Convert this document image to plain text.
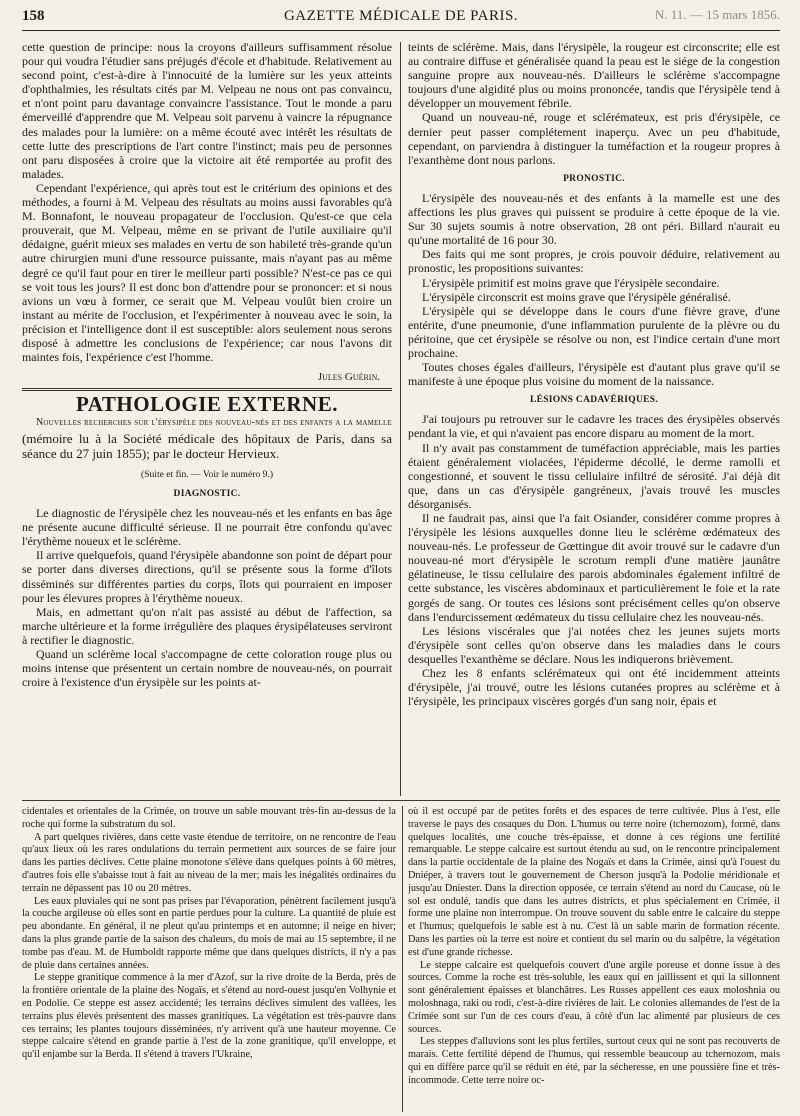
158	GAZETTE MÉDICALE DE PARIS.	N. 11. — 15 mars 1856.

cette question de principe: nous la croyons d'ailleurs suffisamment résolue pour qui voudra l'étudier sans préjugés d'école et d'habitude. Relativement au second point, c'est-à-dire à l'innocuité de la lumière sur les yeux atteints d'ophthalmies, les résultats cités par M. Velpeau ne nous ont pas convaincu, et n'ont point paru davantage convaincre l'assistance. Tout le monde a paru émerveillé d'apprendre que M. Velpeau soit parvenu à vaincre la répugnance des malades pour la lumière: on a même écouté avec intérêt les résultats de cette lutte des prescriptions de l'art contre l'instinct; mais peu de personnes ont paru disposées à croire que la victoire ait été remportée au profit des malades.

Cependant l'expérience, qui après tout est le critérium des opinions et des méthodes, a fourni à M. Velpeau des résultats au moins aussi favorables qu'à M. Bonnafont, le nouveau propagateur de l'occlusion. Qu'est-ce que cela prouverait, que M. Velpeau, même en se privant de l'utile auxiliaire qu'il dédaigne, guérit mieux ses malades en vertu de son habileté très-grande qu'un autre chirurgien muni d'une ressource puissante, mais n'ayant pas au même degré ce qu'il faut pour en tirer le meilleur parti possible? N'est-ce pas ce qui se voit tous les jours? Il est donc bon d'attendre pour se prononcer: et si nous avions un vœu à former, ce serait que M. Velpeau voulût bien croire un instant au mérite de l'occlusion, et l'expérimenter à nouveau avec le soin, la précision et l'intelligence dont il est susceptible: alors seulement nous serons disposé à admettre les conclusions de l'expérience; car nous l'avons dit maintes fois, l'expérience c'est l'homme.

Jules Guérin.
PATHOLOGIE EXTERNE.

Nouvelles recherches sur l'érysipèle des nouveau-nés et des enfants a la mamelle (mémoire lu à la Société médicale des hôpitaux de Paris, dans sa séance du 27 juin 1855); par le docteur Hervieux.

(Suite et fin. — Voir le numéro 9.)
DIAGNOSTIC.

Le diagnostic de l'érysipèle chez les nouveau-nés et les enfants en bas âge ne présente aucune difficulté sérieuse. Il ne pourrait être confondu qu'avec l'érythème noueux et le sclérème.

Il arrive quelquefois, quand l'érysipèle abandonne son point de départ pour se porter dans diverses directions, qu'il se présente sous la forme d'îlots disséminés sur différentes parties du corps, îlots qui pourraient en imposer pour les élevures propres à l'érythème noueux.

Mais, en admettant qu'on n'ait pas assisté au début de l'affection, sa marche ultérieure et la forme irrégulière des plaques érysipélateuses serviront à rectifier le diagnostic.

Quand un sclérème local s'accompagne de cette coloration rouge plus ou moins intense que présentent un certain nombre de nouveau-nés, on pourrait croire à l'existence d'un érysipèle sur les points at-

teints de sclérème. Mais, dans l'érysipèle, la rougeur est circonscrite; elle est au contraire diffuse et généralisée quand la peau est le siége de la congestion sanguine propre aux nouveau-nés. D'ailleurs le sclérème s'accompagne toujours d'une algidité plus ou moins prononcée, tandis que l'érysipèle tend à développer un mouvement fébrile.

Quand un nouveau-né, rouge et sclérémateux, est pris d'érysipèle, ce dernier peut passer complétement inaperçu. Avec un peu d'habitude, cependant, on parviendra à distinguer la tuméfaction et la rougeur propres à l'exanthème dont nous parlons.

PRONOSTIC.

L'érysipèle des nouveau-nés et des enfants à la mamelle est une des affections les plus graves qui puissent se produire à cette époque de la vie. Sur 30 sujets soumis à notre observation, 28 ont péri. Billard n'aurait eu qu'une mortalité de 16 pour 30.

Des faits qui me sont propres, je crois pouvoir déduire, relativement au pronostic, les propositions suivantes:

L'érysipèle primitif est moins grave que l'érysipèle secondaire.

L'érysipèle circonscrit est moins grave que l'érysipèle généralisé.

L'érysipèle qui se développe dans le cours d'une fièvre grave, d'une entérite, d'une pneumonie, d'une inflammation purulente de la plèvre ou du péritoine, que cet érysipèle se résolve ou non, est l'indice certain d'une mort prochaine.

Toutes choses égales d'ailleurs, l'érysipèle est d'autant plus grave qu'il se manifeste à une époque plus voisine du moment de la naissance.

LÉSIONS CADAVÉRIQUES.

J'ai toujours pu retrouver sur le cadavre les traces des érysipèles observés pendant la vie, et qui n'avaient pas encore disparu au moment de la mort.

Il n'y avait pas constamment de tuméfaction appréciable, mais les parties étaient généralement violacées, l'épiderme décollé, le derme ramolli et congestionné, et souvent le tissu cellulaire infiltré de sérosité. J'ai déjà dit que, dans un cas d'érysipèle gangréneux, j'avais trouvé les muscles désorganisés.

Il ne faudrait pas, ainsi que l'a fait Osiander, considérer comme propres à l'érysipèle les lésions auxquelles donne lieu le sclérème œdémateux des nouveau-nés. Le professeur de Gœttingue dit avoir trouvé sur le cadavre d'un nouveau-né mort d'érysipèle le scrotum rempli d'une matière jaunâtre gélatineuse, le tissu cellulaire des parois abdominales également infiltré de cette substance, les viscères abdominaux et particulièrement le foie et la rate gorgés de sang. Or toutes ces lésions sont précisément celles qu'on observe dans l'endurcissement œdémateux du tissu cellulaire chez les nouveau-nés.

Les lésions viscérales que j'ai notées chez les jeunes sujets morts d'érysipèle sont celles qu'on observe dans les maladies dans le cours desquelles l'exanthème se déclare. Nous les indiquerons brièvement.

Chez les 8 enfants sclérémateux qui ont été incidemment atteints d'érysipèle, j'ai trouvé, outre les lésions cutanées propres au sclérème et à l'érysipèle, les principaux viscères gorgés d'un sang noir, épais et

cidentales et orientales de la Crimée, on trouve un sable mouvant très-fin au-dessus de la roche qui forme la substratum du sol.

A part quelques rivières, dans cette vaste étendue de territoire, on ne rencontre de l'eau qu'aux lieux où les rares ondulations du terrain permettent aux sources de se faire jour dans les parties déclives. Cette plaine monotone s'élève dans quelques points à 60 mètres, d'autres fois elle s'abaisse tout à fait au niveau de la mer; mais les inégalités ordinaires du terrain ne dépassent pas 10 ou 20 mètres.

Les eaux pluviales qui ne sont pas prises par l'évaporation, pénètrent facilement jusqu'à la couche argileuse où elles sont en partie perdues pour la culture. La quantité de pluie est peu abondante. En général, il ne pleut qu'au printemps et en automne; il neige en hiver; dans la plus grande partie de la saison des chaleurs, du mois de mai au 15 septembre, il ne tombe pas d'eau. M. de Humboldt rapporte même que dans quelques districts, il n'y a pas de pluie dans certaines années.

Le steppe granitique commence à la mer d'Azof, sur la rive droite de la Berda, près de la frontière orientale de la plaine des Nogaïs, et s'étend au nord-ouest jusqu'en Volhynie et en Podolie. Ce steppe est assez accidenté; les terrains déclives simulent des vallées, les terrains plus élevés présentent des masses granitiques. La végétation est très-pauvre dans ces terrains; les plantes toujours disséminées, n'y arrivent qu'à une hauteur moyenne. Ce steppe calcaire s'étend en grande partie à l'est de la zone granitique, qu'il enveloppe, et qu'il enjambe sur la Berda. Il s'étend à travers l'Ukraine,

où il est occupé par de petites forêts et des espaces de terre cultivée. Plus à l'est, elle traverse le pays des cosaques du Don. L'humus ou terre noire (tchernozom), formé, dans quelques localités, une couche très-épaisse, et donne à ces régions une fertilité remarquable. Le steppe calcaire est surtout étendu au sud, on le rencontre principalement dans la partie occidentale de la plaine des Nogaïs et dans la Crimée, ainsi qu'à l'ouest du Dniéper, à travers tout le gouvernement de Cherson jusqu'à la Podolie méridionale et jusqu'au Dniester. Dans la direction opposée, ce terrain s'étend au nord du Caucase, où le sol est ondulé, tandis que dans les autres districts, et plus spécialement en Crimée, il forme une plaine non interrompue. On trouve souvent du sable entre le calcaire du steppe et l'humus; quelquefois le sable est à nu. C'est là un sable marin de formation récente. Dans les parties où la terre est noire et contient du sel marin ou du salpêtre, la végétation est d'une grande richesse.

Le steppe calcaire est quelquefois couvert d'une argile poreuse et donne issue à des sources. Comme la roche est très-soluble, les eaux qui en jaillissent et qui la sillonnent sont généralement épaisses et blanchâtres. Les Russes appellent ces eaux moloshnia ou moloshnaga, raki ou rodi, c'est-à-dire rivières de lait. Le colonies allemandes de l'est de la Crimée sont sur l'un de ces cours d'eau, à côté d'un lac alimenté par plusieurs de ces sources.

Les steppes d'alluvions sont les plus fertiles, surtout ceux qui ne sont pas recouverts de marais. Cette fertilité dépend de l'humus, qui ressemble beaucoup au tchernozom, mais qui en diffère parce qu'il se réduit en été, par la sécheresse, en une poussière fine et très-incommode. Cette terre noire oc-
